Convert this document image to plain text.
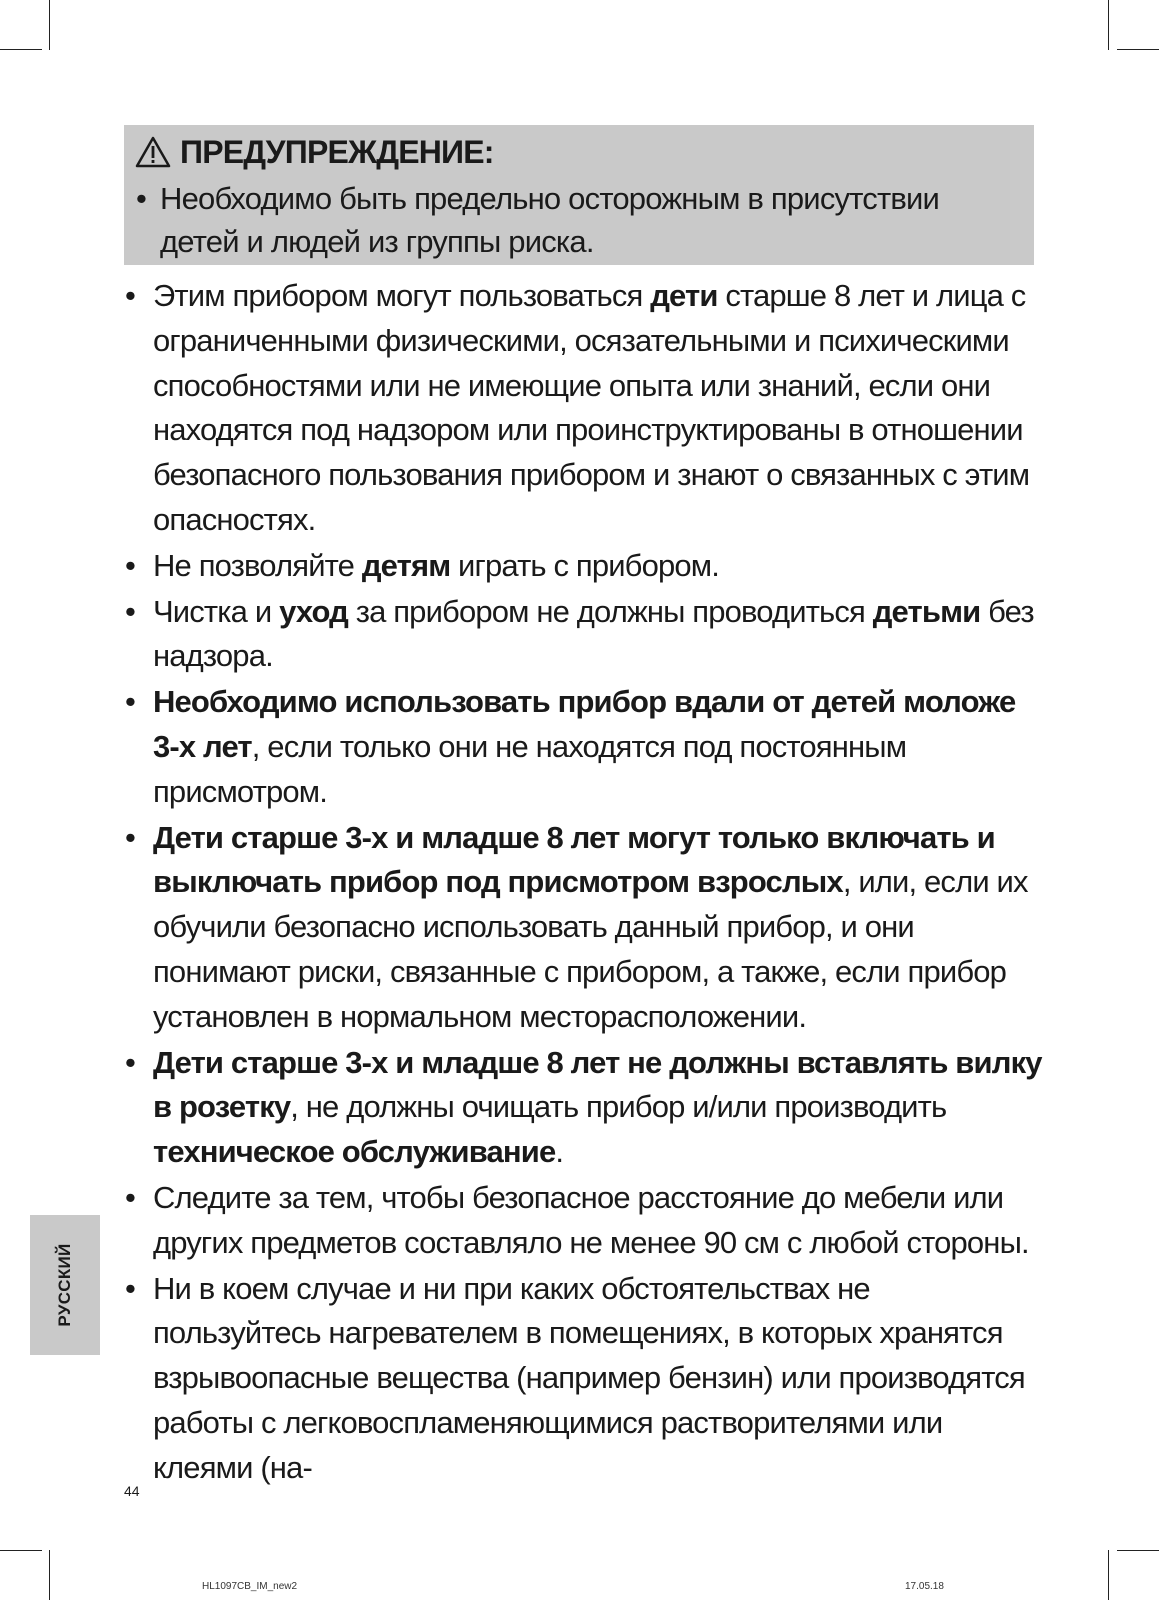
ПРЕДУПРЕЖДЕНИЕ:
• Необходимо быть предельно осторожным в присутствии детей и людей из группы риска.
• Этим прибором могут пользоваться дети старше 8 лет и лица с ограниченными физическими, осязательными и психическими способностями или не имеющие опыта или знаний, если они находятся под надзором или проинструктированы в отношении безопасного пользования прибором и знают о связанных с этим опасностях.
• Не позволяйте детям играть с прибором.
• Чистка и уход за прибором не должны проводиться детьми без надзора.
• Необходимо использовать прибор вдали от детей моложе 3-х лет, если только они не находятся под постоянным присмотром.
• Дети старше 3-х и младше 8 лет могут только включать и выключать прибор под присмотром взрослых, или, если их обучили безопасно использовать данный прибор, и они понимают риски, связанные с прибором, а также, если прибор установлен в нормальном месторасположении.
• Дети старше 3-х и младше 8 лет не должны вставлять вилку в розетку, не должны очищать прибор и/или производить техническое обслуживание.
• Следите за тем, чтобы безопасное расстояние до мебели или других предметов составляло не менее 90 см с любой стороны.
• Ни в коем случае и ни при каких обстоятельствах не пользуйтесь нагревателем в помещениях, в которых хранятся взрывоопасные вещества (например бензин) или производятся работы с легковоспламеняющимися растворителями или клеями (на-
РУССКИЙ
44
HL1097CB_IM_new2	17.05.18
